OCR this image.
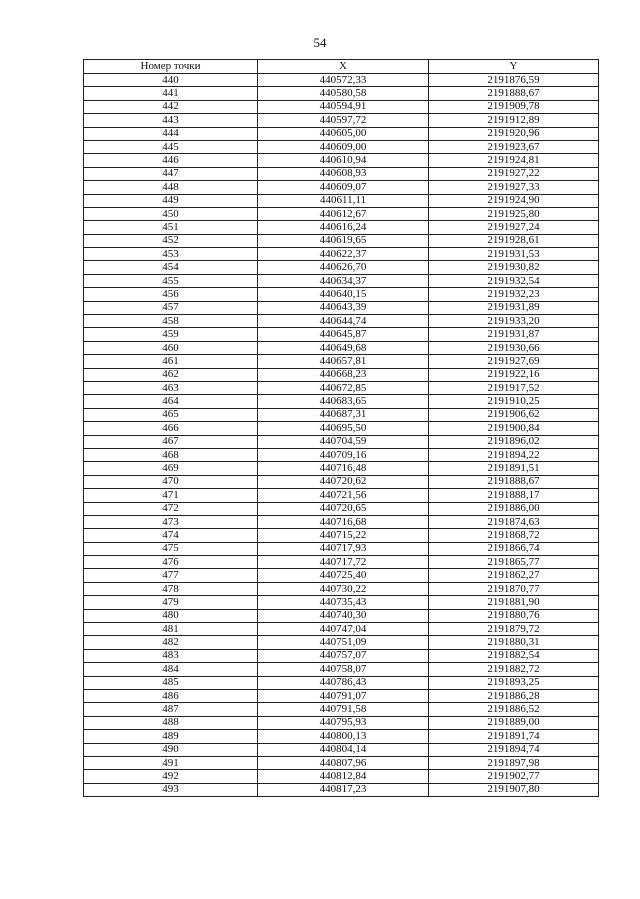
54
Номер точки	X	Y
440	440572,33	2191876,59
441	440580,58	2191888,67
442	440594,91	2191909,78
443	440597,72	2191912,89
444	440605,00	2191920,96
445	440609,00	2191923,67
446	440610,94	2191924,81
447	440608,93	2191927,22
448	440609,07	2191927,33
449	440611,11	2191924,90
450	440612,67	2191925,80
451	440616,24	2191927,24
452	440619,65	2191928,61
453	440622,37	2191931,53
454	440626,70	2191930,82
455	440634,37	2191932,54
456	440640,15	2191932,23
457	440643,39	2191931,89
458	440644,74	2191933,20
459	440645,87	2191931,87
460	440649,68	2191930,66
461	440657,81	2191927,69
462	440668,23	2191922,16
463	440672,85	2191917,52
464	440683,65	2191910,25
465	440687,31	2191906,62
466	440695,50	2191900,84
467	440704,59	2191896,02
468	440709,16	2191894,22
469	440716,48	2191891,51
470	440720,62	2191888,67
471	440721,56	2191888,17
472	440720,65	2191886,00
473	440716,68	2191874,63
474	440715,22	2191868,72
475	440717,93	2191866,74
476	440717,72	2191865,77
477	440725,40	2191862,27
478	440730,22	2191870,77
479	440735,43	2191881,90
480	440740,30	2191880,76
481	440747,04	2191879,72
482	440751,09	2191880,31
483	440757,07	2191882,54
484	440758,07	2191882,72
485	440786,43	2191893,25
486	440791,07	2191886,28
487	440791,58	2191886,52
488	440795,93	2191889,00
489	440800,13	2191891,74
490	440804,14	2191894,74
491	440807,96	2191897,98
492	440812,84	2191902,77
493	440817,23	2191907,80
